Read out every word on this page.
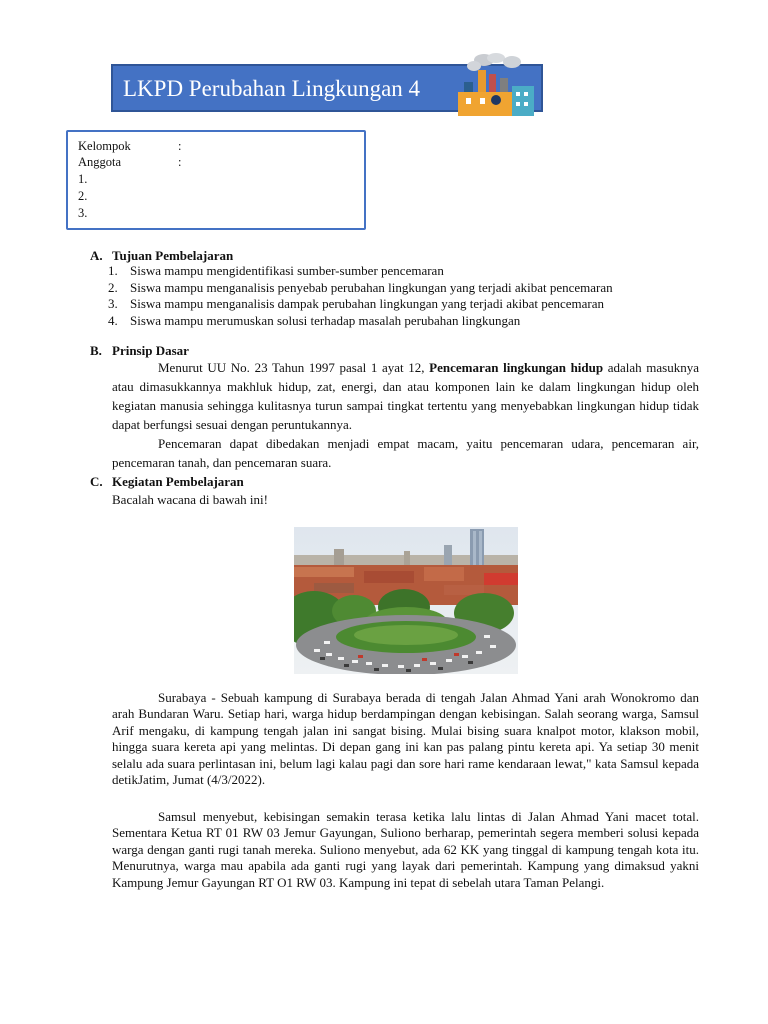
LKPD Perubahan Lingkungan 4
Kelompok	:
Anggota	:
1.
2.
3.
A. Tujuan Pembelajaran
1. Siswa mampu mengidentifikasi sumber-sumber pencemaran
2. Siswa mampu menganalisis penyebab perubahan lingkungan yang terjadi akibat pencemaran
3. Siswa mampu menganalisis dampak perubahan lingkungan yang terjadi akibat pencemaran
4. Siswa mampu merumuskan solusi terhadap masalah perubahan lingkungan
B. Prinsip Dasar
Menurut UU No. 23 Tahun 1997 pasal 1 ayat 12, Pencemaran lingkungan hidup adalah masuknya atau dimasukkannya makhluk hidup, zat, energi, dan atau komponen lain ke dalam lingkungan hidup oleh kegiatan manusia sehingga kulitasnya turun sampai tingkat tertentu yang menyebabkan lingkungan hidup tidak dapat berfungsi sesuai dengan peruntukannya.
Pencemaran dapat dibedakan menjadi empat macam, yaitu pencemaran udara, pencemaran air, pencemaran tanah, dan pencemaran suara.
C. Kegiatan Pembelajaran
Bacalah wacana di bawah ini!
Surabaya - Sebuah kampung di Surabaya berada di tengah Jalan Ahmad Yani arah Wonokromo dan arah Bundaran Waru. Setiap hari, warga hidup berdampingan dengan kebisingan. Salah seorang warga, Samsul Arif mengaku, di kampung tengah jalan ini sangat bising. Mulai bising suara knalpot motor, klakson mobil, hingga suara kereta api yang melintas. Di depan gang ini kan pas palang pintu kereta api. Ya setiap 30 menit selalu ada suara perlintasan ini, belum lagi kalau pagi dan sore hari rame kendaraan lewat," kata Samsul kepada detikJatim, Jumat (4/3/2022).
Samsul menyebut, kebisingan semakin terasa ketika lalu lintas di Jalan Ahmad Yani macet total. Sementara Ketua RT 01 RW 03 Jemur Gayungan, Suliono berharap, pemerintah segera memberi solusi kepada warga dengan ganti rugi tanah mereka. Suliono menyebut, ada 62 KK yang tinggal di kampung tengah kota itu. Menurutnya, warga mau apabila ada ganti rugi yang layak dari pemerintah. Kampung yang dimaksud yakni Kampung Jemur Gayungan RT O1 RW 03. Kampung ini tepat di sebelah utara Taman Pelangi.
